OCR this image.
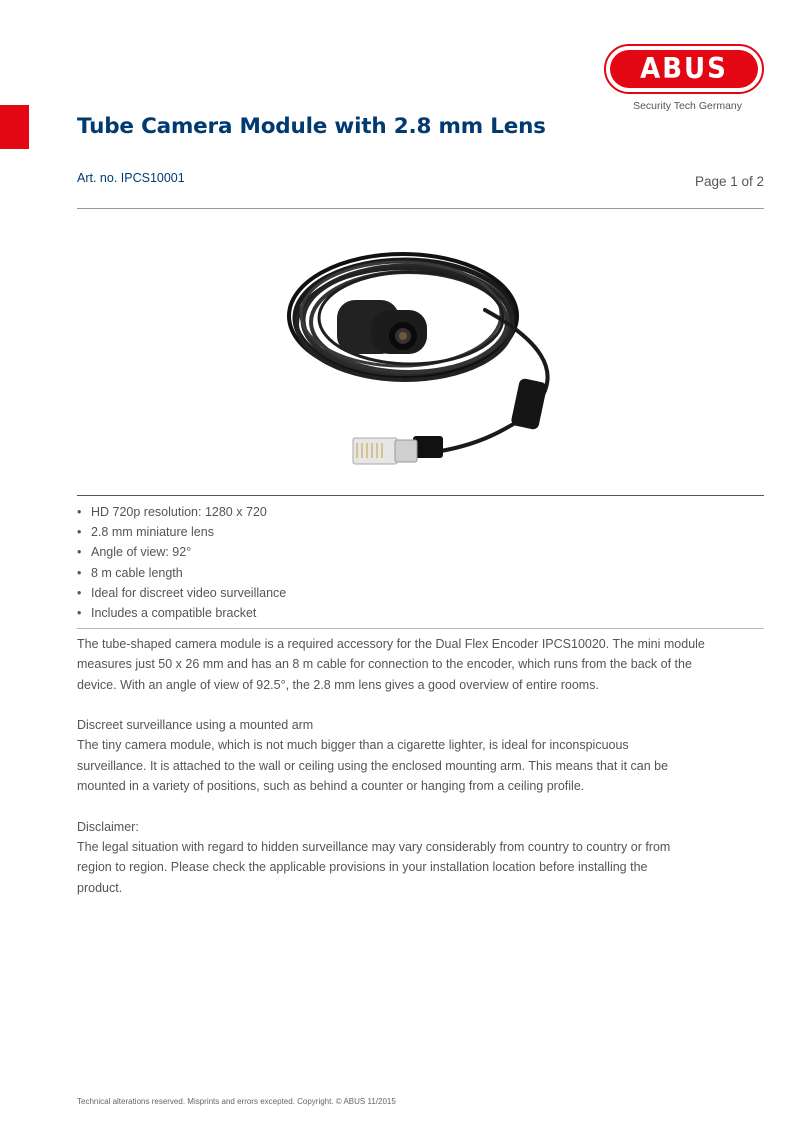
ABUS
Security Tech Germany
Tube Camera Module with 2.8 mm Lens
Art. no. IPCS10001	Page 1 of 2
• HD 720p resolution: 1280 x 720
• 2.8 mm miniature lens
• Angle of view: 92°
• 8 m cable length
• Ideal for discreet video surveillance
• Includes a compatible bracket

The tube-shaped camera module is a required accessory for the Dual Flex Encoder IPCS10020. The mini module
measures just 50 x 26 mm and has an 8 m cable for connection to the encoder, which runs from the back of the
device. With an angle of view of 92.5°, the 2.8 mm lens gives a good overview of entire rooms.

Discreet surveillance using a mounted arm
The tiny camera module, which is not much bigger than a cigarette lighter, is ideal for inconspicuous
surveillance. It is attached to the wall or ceiling using the enclosed mounting arm. This means that it can be
mounted in a variety of positions, such as behind a counter or hanging from a ceiling profile.

Disclaimer:
The legal situation with regard to hidden surveillance may vary considerably from country to country or from
region to region. Please check the applicable provisions in your installation location before installing the
product.

Technical alterations reserved. Misprints and errors excepted. Copyright. © ABUS 11/2015
